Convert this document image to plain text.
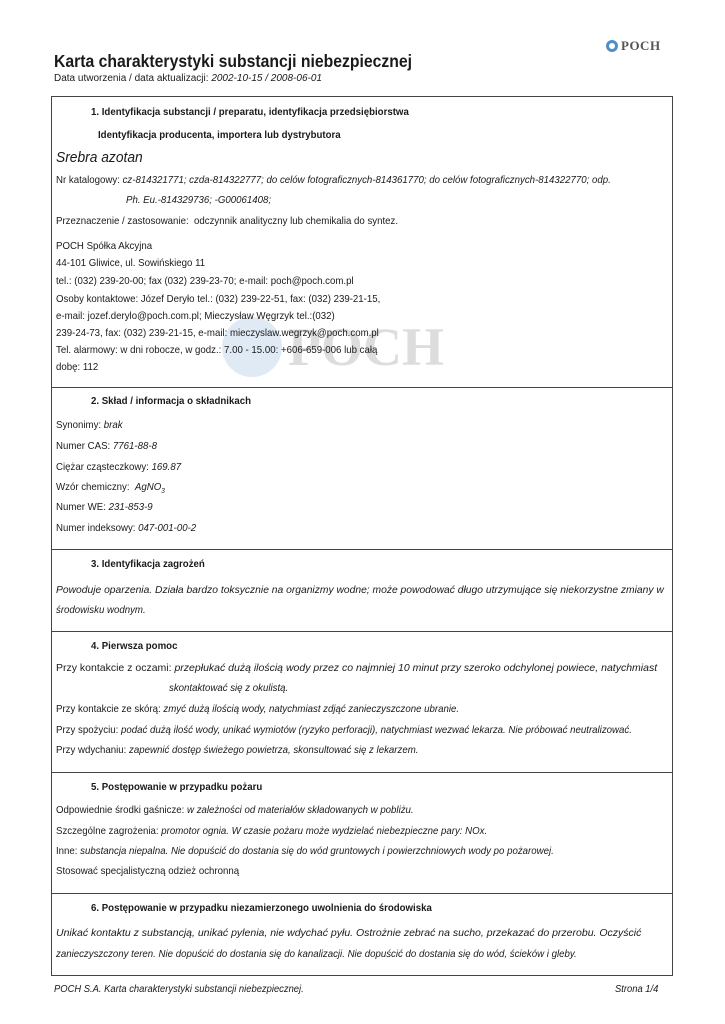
POCH
Karta charakterystyki substancji niebezpiecznej
Data utworzenia / data aktualizacji: 2002-10-15 / 2008-06-01
1. Identyfikacja substancji / preparatu, identyfikacja przedsiębiorstwa
Identyfikacja producenta, importera lub dystrybutora
Srebra azotan
Nr katalogowy: cz-814321771; czda-814322777; do celów fotograficznych-814361770; do celów fotograficznych-814322770; odp.
Ph. Eu.-814329736; -G00061408;
Przeznaczenie / zastosowanie: odczynnik analityczny lub chemikalia do syntez.
POCH
POCH Spółka Akcyjna
44-101 Gliwice, ul. Sowińskiego 11
tel.: (032) 239-20-00; fax (032) 239-23-70; e-mail: poch@poch.com.pl
Osoby kontaktowe: Józef Deryło tel.: (032) 239-22-51, fax: (032) 239-21-15,
e-mail: jozef.derylo@poch.com.pl; Mieczysław Węgrzyk tel.:(032)
239-24-73, fax: (032) 239-21-15, e-mail: mieczyslaw.wegrzyk@poch.com.pl
Tel. alarmowy: w dni robocze, w godz.: 7.00 - 15.00: +606-659-006 lub całą
dobę: 112
2. Skład / informacja o składnikach
Synonimy: brak
Numer CAS: 7761-88-8
Ciężar cząsteczkowy: 169.87
Wzór chemiczny: AgNO$_3$
Numer WE: 231-853-9
Numer indeksowy: 047-001-00-2
3. Identyfikacja zagrożeń
Powoduje oparzenia. Działa bardzo toksycznie na organizmy wodne; może powodować długo utrzymujące się niekorzystne zmiany w
środowisku wodnym.
4. Pierwsza pomoc
Przy kontakcie z oczami: przepłukać dużą ilością wody przez co najmniej 10 minut przy szeroko odchylonej powiece, natychmiast
skontaktować się z okulistą.
Przy kontakcie ze skórą: zmyć dużą ilością wody, natychmiast zdjąć zanieczyszczone ubranie.
Przy spożyciu: podać dużą ilość wody, unikać wymiotów (ryzyko perforacji), natychmiast wezwać lekarza. Nie próbować neutralizować.
Przy wdychaniu: zapewnić dostęp świeżego powietrza, skonsultować się z lekarzem.
5. Postępowanie w przypadku pożaru
Odpowiednie środki gaśnicze: w zależności od materiałów składowanych w pobliżu.
Szczególne zagrożenia: promotor ognia. W czasie pożaru może wydzielać niebezpieczne pary: NOx.
Inne: substancja niepalna. Nie dopuścić do dostania się do wód gruntowych i powierzchniowych wody po pożarowej.
Stosować specjalistyczną odzież ochronną
6. Postępowanie w przypadku niezamierzonego uwolnienia do środowiska
Unikać kontaktu z substancją, unikać pylenia, nie wdychać pyłu. Ostrożnie zebrać na sucho, przekazać do przerobu. Oczyścić
zanieczyszczony teren. Nie dopuścić do dostania się do kanalizacji. Nie dopuścić do dostania się do wód, ścieków i gleby.
POCH S.A. Karta charakterystyki substancji niebezpiecznej.	Strona 1/4
